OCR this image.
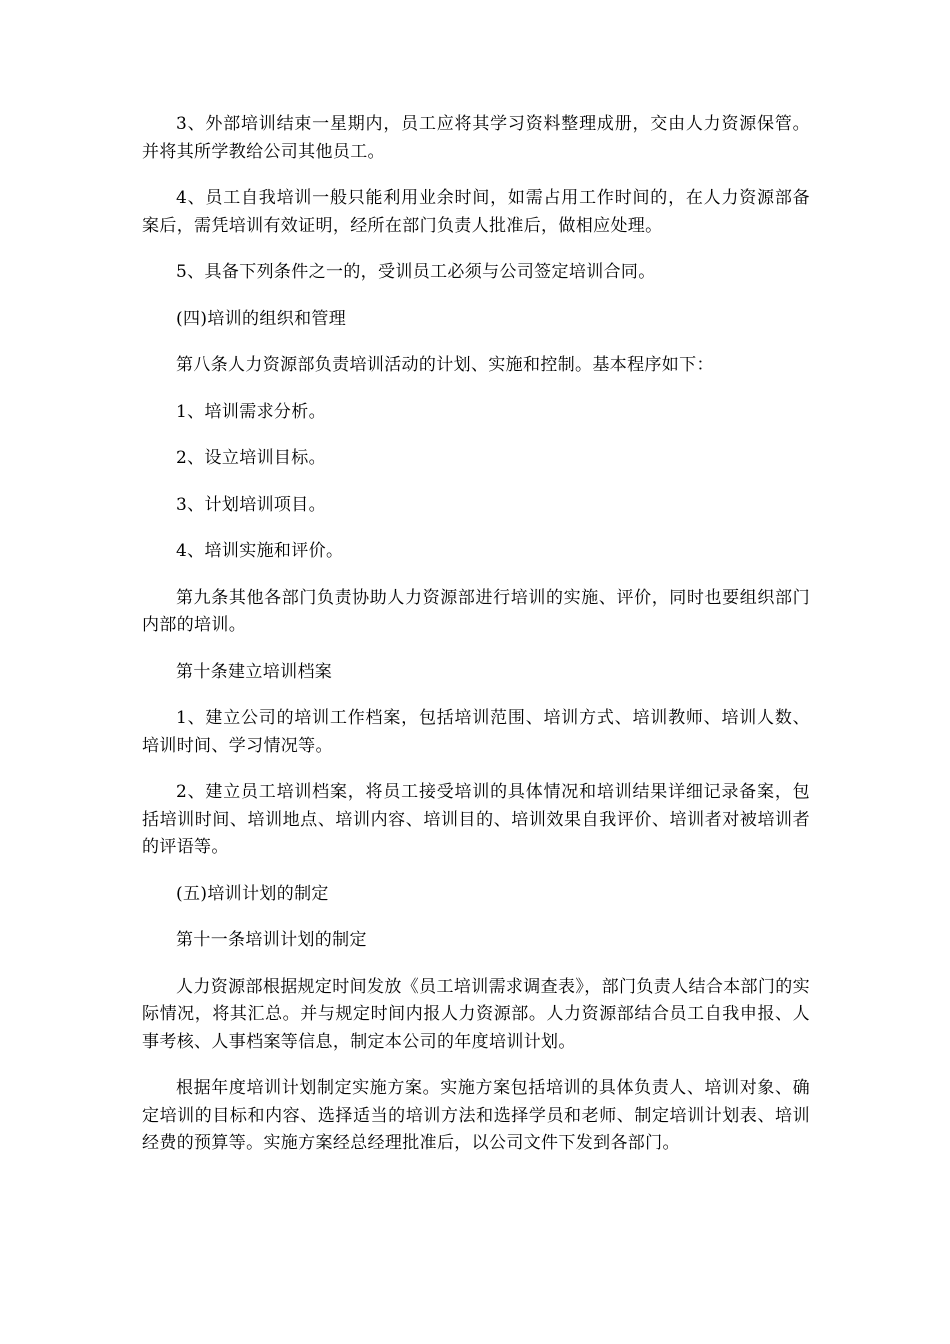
3、外部培训结束一星期内，员工应将其学习资料整理成册，交由人力资源保管。并将其所学教给公司其他员工。

4、员工自我培训一般只能利用业余时间，如需占用工作时间的，在人力资源部备案后，需凭培训有效证明，经所在部门负责人批准后，做相应处理。

5、具备下列条件之一的，受训员工必须与公司签定培训合同。

(四)培训的组织和管理

第八条人力资源部负责培训活动的计划、实施和控制。基本程序如下：

1、培训需求分析。

2、设立培训目标。

3、计划培训项目。

4、培训实施和评价。

第九条其他各部门负责协助人力资源部进行培训的实施、评价，同时也要组织部门内部的培训。

第十条建立培训档案

1、建立公司的培训工作档案，包括培训范围、培训方式、培训教师、培训人数、培训时间、学习情况等。

2、建立员工培训档案，将员工接受培训的具体情况和培训结果详细记录备案，包括培训时间、培训地点、培训内容、培训目的、培训效果自我评价、培训者对被培训者的评语等。

(五)培训计划的制定

第十一条培训计划的制定

人力资源部根据规定时间发放《员工培训需求调查表》，部门负责人结合本部门的实际情况，将其汇总。并与规定时间内报人力资源部。人力资源部结合员工自我申报、人事考核、人事档案等信息，制定本公司的年度培训计划。

根据年度培训计划制定实施方案。实施方案包括培训的具体负责人、培训对象、确定培训的目标和内容、选择适当的培训方法和选择学员和老师、制定培训计划表、培训经费的预算等。实施方案经总经理批准后，以公司文件下发到各部门。
